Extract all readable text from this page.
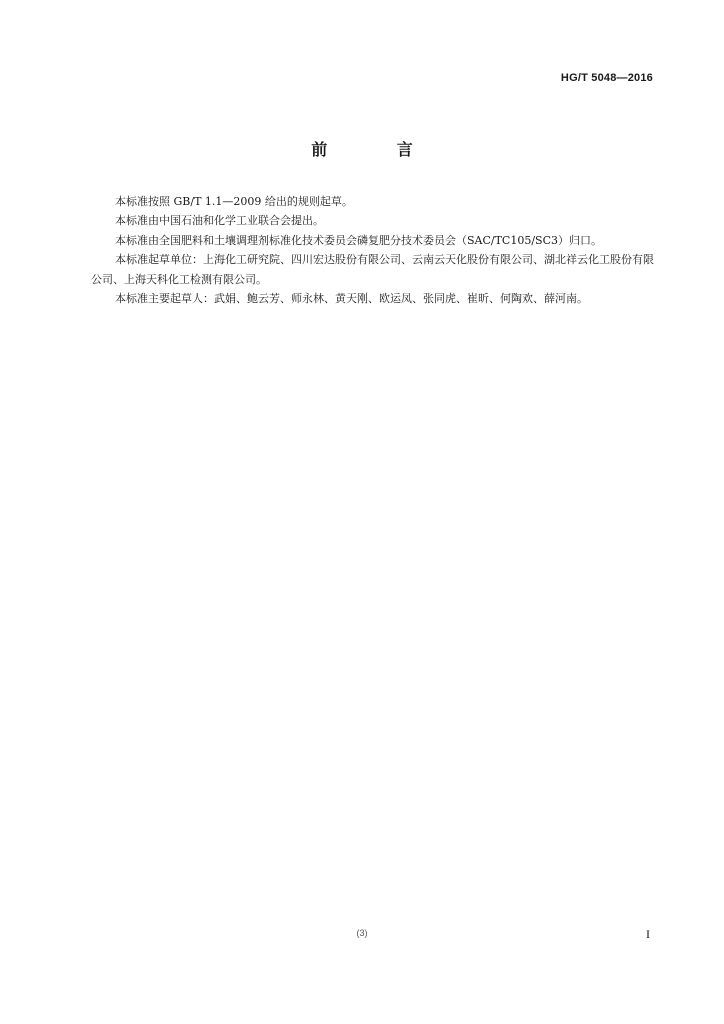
HG/T 5048—2016
前 言

本标准按照 GB/T 1.1—2009 给出的规则起草。

本标准由中国石油和化学工业联合会提出。

本标准由全国肥料和土壤调理剂标准化技术委员会磷复肥分技术委员会（SAC/TC105/SC3）归口。

本标准起草单位：上海化工研究院、四川宏达股份有限公司、云南云天化股份有限公司、湖北祥云化工股份有限公司、上海天科化工检测有限公司。

本标准主要起草人：武娟、鲍云芳、师永林、黄天刚、欧运凤、张同虎、崔昕、何陶欢、薛河南。

(3)	I
